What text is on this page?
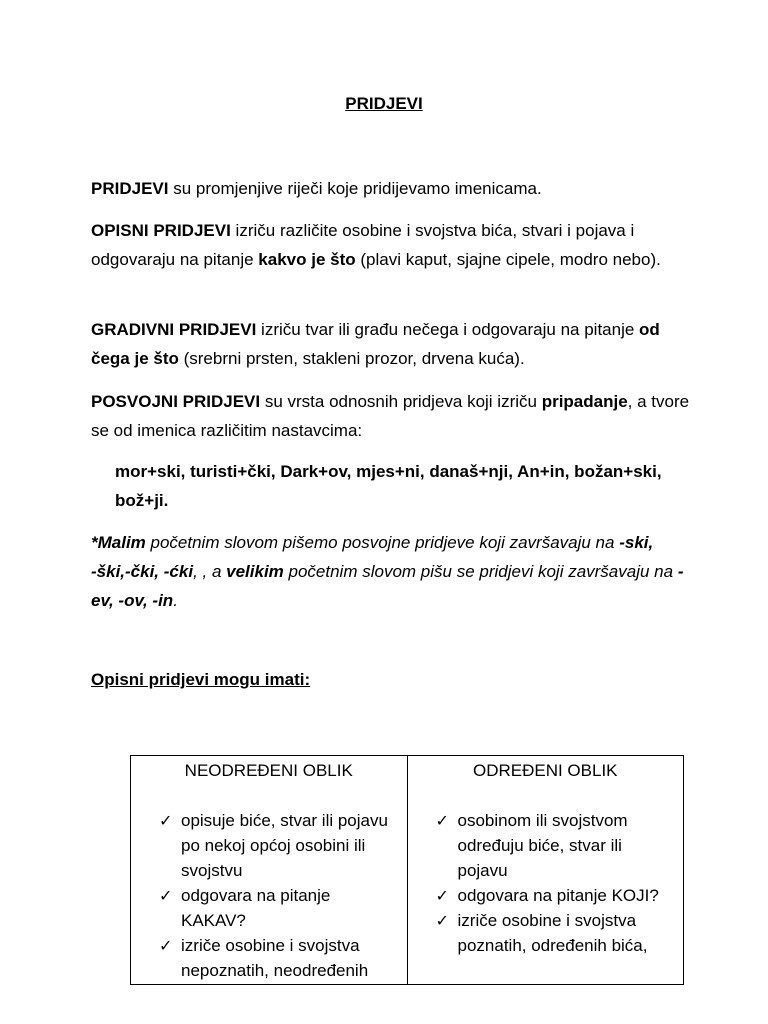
PRIDJEVI
PRIDJEVI su promjenjive riječi koje pridijevamo imenicama.
OPISNI PRIDJEVI izriču različite osobine i svojstva bića, stvari i pojava i odgovaraju na pitanje kakvo je što (plavi kaput, sjajne cipele, modro nebo).
GRADIVNI PRIDJEVI izriču tvar ili građu nečega i odgovaraju na pitanje od čega je što (srebrni prsten, stakleni prozor, drvena kuća).
POSVOJNI PRIDJEVI su vrsta odnosnih pridjeva koji izriču pripadanje, a tvore se od imenica različitim nastavcima:
mor+ski, turisti+čki, Dark+ov, mjes+ni, današ+nji, An+in, božan+ski, bož+ji.
*Malim početnim slovom pišemo posvojne pridjeve koji završavaju na -ski, -ški,-čki, -ćki, , a velikim početnim slovom pišu se pridjevi koji završavaju na -ev, -ov, -in.
Opisni pridjevi mogu imati:
NEODREĐENI OBLIK
✓ opisuje biće, stvar ili pojavu po nekoj općoj osobini ili svojstvu
✓ odgovara na pitanje KAKAV?
✓ izriče osobine i svojstva nepoznatih, neodređenih
ODREĐENI OBLIK
✓ osobinom ili svojstvom određuju biće, stvar ili pojavu
✓ odgovara na pitanje KOJI?
✓ izriče osobine i svojstva poznatih, određenih bića,
